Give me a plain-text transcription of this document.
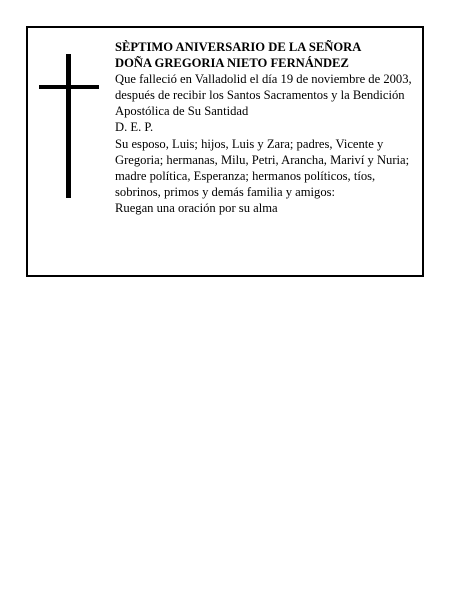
SÈPTIMO ANIVERSARIO DE LA SEÑORA

DOÑA GREGORIA NIETO FERNÁNDEZ

Que falleció en Valladolid el día 19 de noviembre de 2003, después de recibir los Santos Sacramentos y la Bendición Apostólica de Su Santidad

D. E. P.

Su esposo, Luis; hijos, Luis y Zara; padres, Vicente y Gregoria; hermanas, Milu, Petri, Arancha, Mariví y Nuria; madre política, Esperanza; hermanos políticos, tíos, sobrinos, primos y demás familia y amigos:

Ruegan una oración por su alma
